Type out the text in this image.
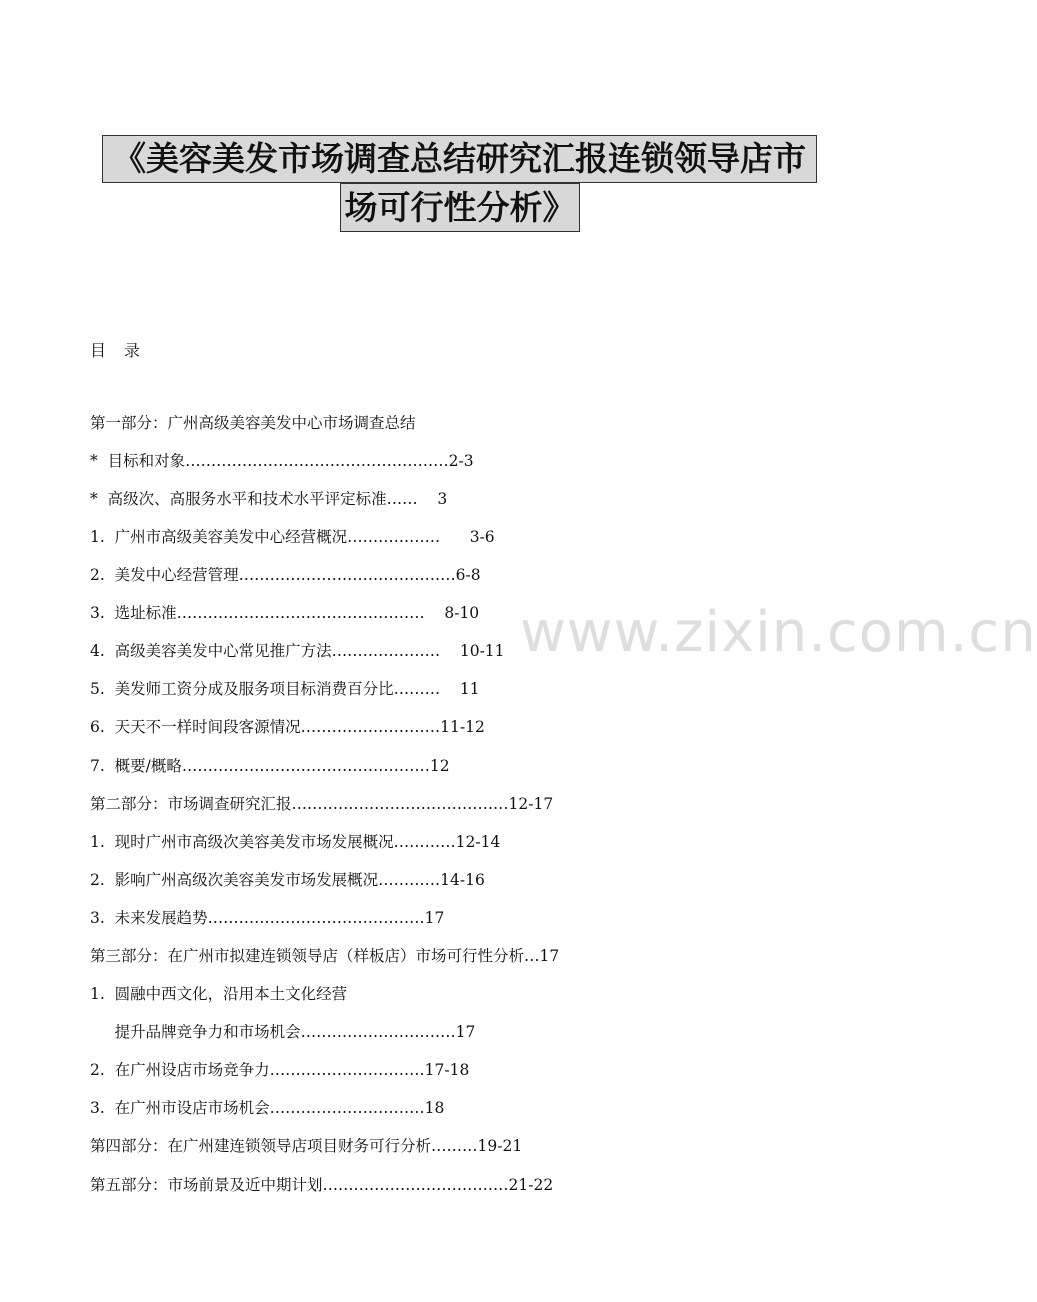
《美容美发市场调查总结研究汇报连锁领导店市
场可行性分析》
目 录
www.zixin.com.cn
第一部分：广州高级美容美发中心市场调查总结
*  目标和对象……………………………………………2-3
*  高级次、高服务水平和技术水平评定标准……    3
1.  广州市高级美容美发中心经营概况………………      3-6
2.  美发中心经营管理……………………………………6-8
3.  选址标准…………………………………………    8-10
4.  高级美容美发中心常见推广方法…………………    10-11
5.  美发师工资分成及服务项目标消费百分比………    11
6.  天天不一样时间段客源情况………………………11-12
7.  概要/概略…………………………………………12
第二部分：市场调查研究汇报……………………………………12-17
1.  现时广州市高级次美容美发市场发展概况…………12-14
2.  影响广州高级次美容美发市场发展概况…………14-16
3.  未来发展趋势……………………………………17
第三部分：在广州市拟建连锁领导店（样板店）市场可行性分析…17
1.  圆融中西文化，沿用本土文化经营
提升品牌竞争力和市场机会…………………………17
2.  在广州设店市场竞争力…………………………17-18
3.  在广州市设店市场机会…………………………18
第四部分：在广州建连锁领导店项目财务可行分析………19-21
第五部分：市场前景及近中期计划………………………………21-22
